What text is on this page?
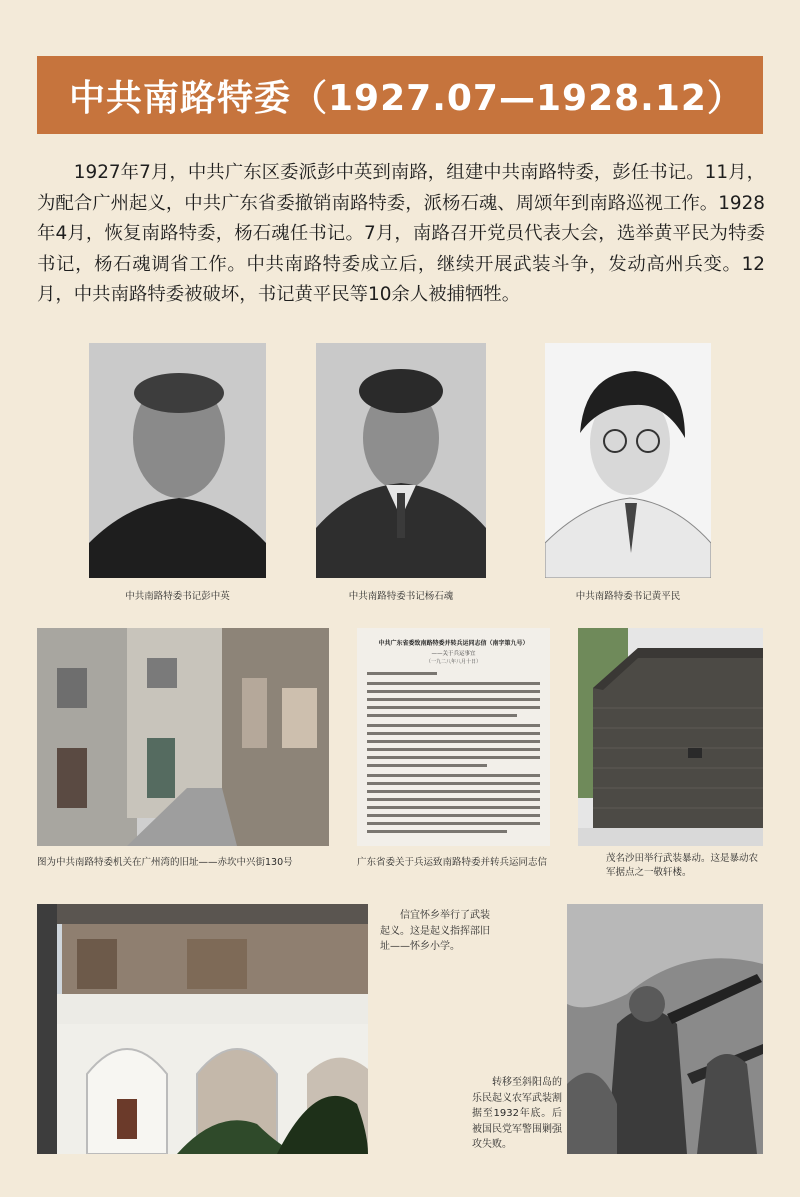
中共南路特委（1927.07—1928.12）
1927年7月，中共广东区委派彭中英到南路，组建中共南路特委，彭任书记。11月，为配合广州起义，中共广东省委撤销南路特委，派杨石魂、周颂年到南路巡视工作。1928年4月，恢复南路特委，杨石魂任书记。7月，南路召开党员代表大会，选举黄平民为特委书记，杨石魂调省工作。中共南路特委成立后，继续开展武装斗争，发动高州兵变。12月，中共南路特委被破坏，书记黄平民等10余人被捕牺牲。
中共南路特委书记彭中英	中共南路特委书记杨石魂	中共南路特委书记黄平民
图为中共南路特委机关在广州湾的旧址——赤坎中兴街130号
中共广东省委致南路特委并转兵运同志信（南字第九号）
——关于兵运事宜
（一九二八年八月十日）
广东省委关于兵运致南路特委并转兵运同志信	茂名沙田举行武装暴动。这是暴动农军据点之一敬轩楼。
信宜怀乡举行了武装起义。这是起义指挥部旧址——怀乡小学。
转移至斜阳岛的乐民起义农军武装割据至1932年底。后被国民党军警围剿强攻失败。
